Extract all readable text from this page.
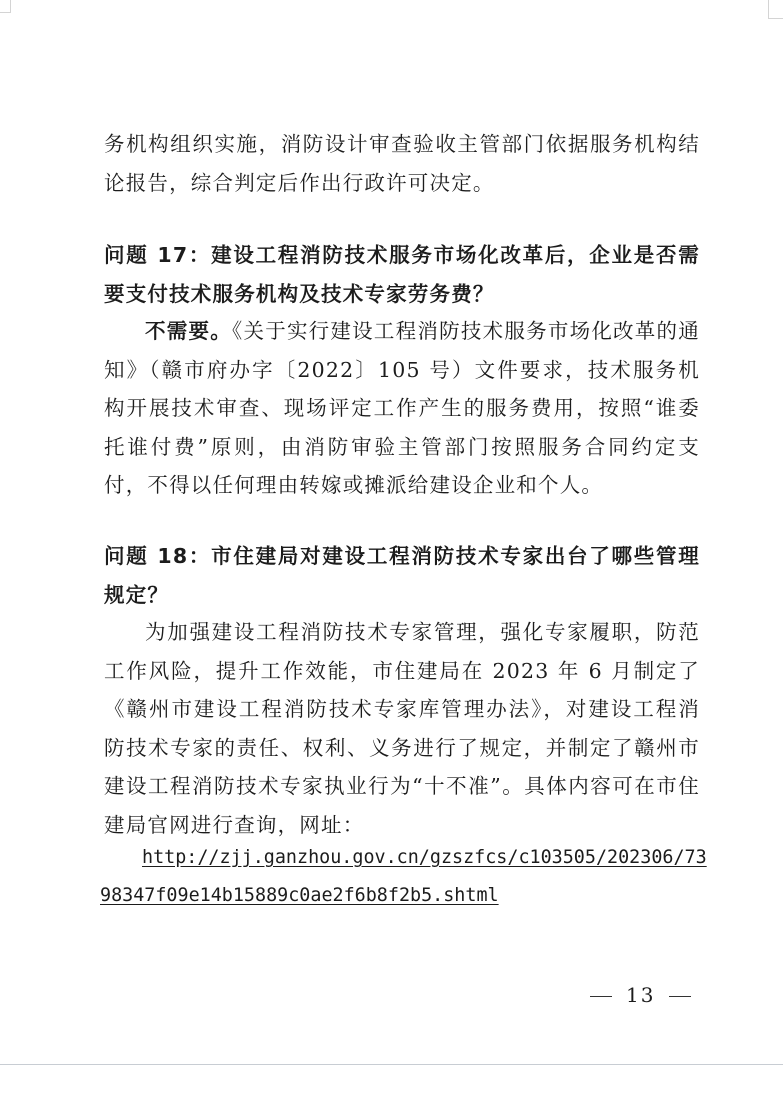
务机构组织实施，消防设计审查验收主管部门依据服务机构结论报告，综合判定后作出行政许可决定。

问题 17：建设工程消防技术服务市场化改革后，企业是否需要支付技术服务机构及技术专家劳务费？

不需要。《关于实行建设工程消防技术服务市场化改革的通知》（赣市府办字〔2022〕105 号）文件要求，技术服务机构开展技术审查、现场评定工作产生的服务费用，按照“谁委托谁付费”原则，由消防审验主管部门按照服务合同约定支付，不得以任何理由转嫁或摊派给建设企业和个人。

问题 18：市住建局对建设工程消防技术专家出台了哪些管理规定？

为加强建设工程消防技术专家管理，强化专家履职，防范工作风险，提升工作效能，市住建局在 2023 年 6 月制定了《赣州市建设工程消防技术专家库管理办法》，对建设工程消防技术专家的责任、权利、义务进行了规定，并制定了赣州市建设工程消防技术专家执业行为“十不准”。具体内容可在市住建局官网进行查询，网址：

http://zjj.ganzhou.gov.cn/gzszfcs/c103505/202306/73
98347f09e14b15889c0ae2f6b8f2b5.shtml
13
